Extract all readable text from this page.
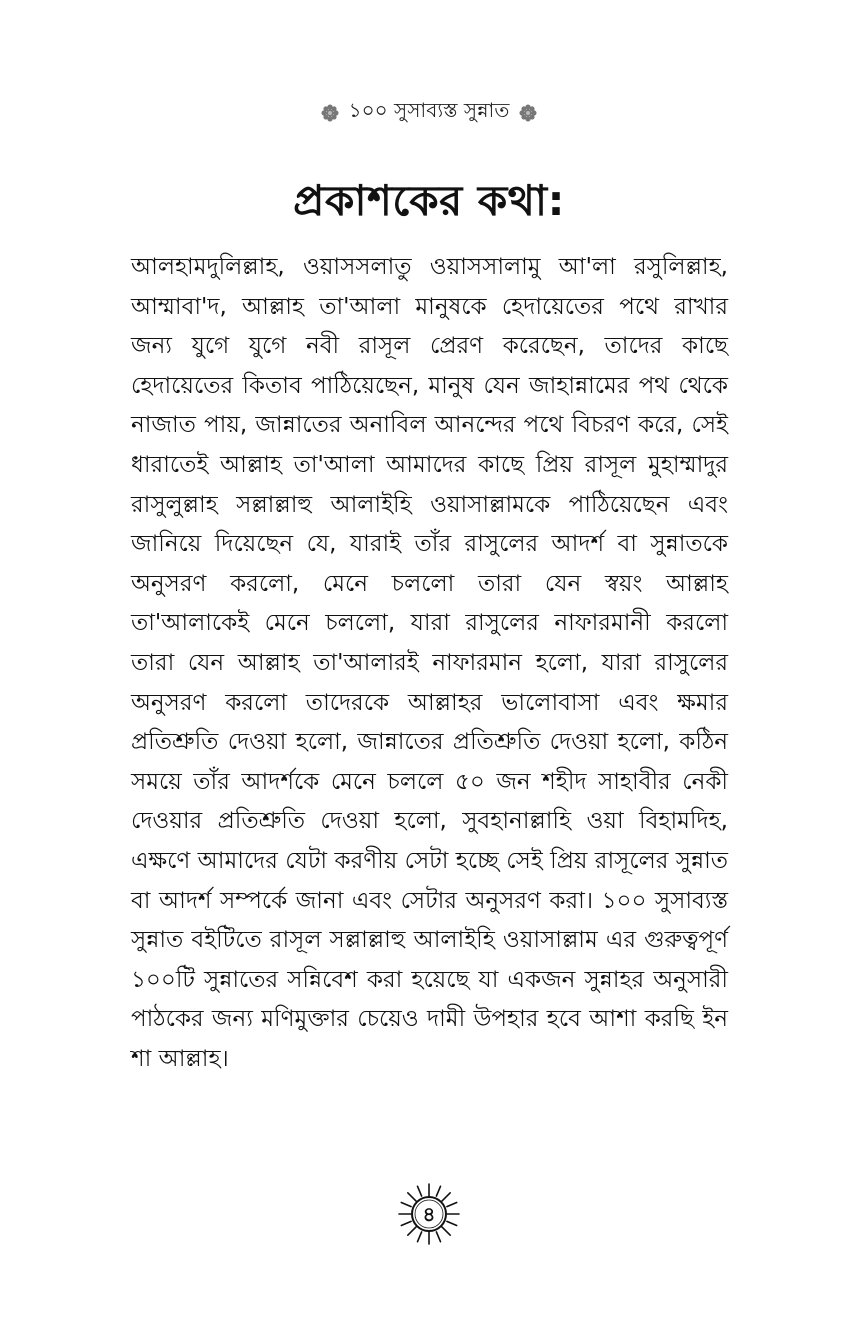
১০০ সুসাব্যস্ত সুন্নাত
প্রকাশকের কথা:

আলহামদুলিল্লাহ, ওয়াসসলাতু ওয়াসসালামু আ'লা রসুলিল্লাহ, আম্মাবা'দ, আল্লাহ তা'আলা মানুষকে হেদায়েতের পথে রাখার জন্য যুগে যুগে নবী রাসূল প্রেরণ করেছেন, তাদের কাছে হেদায়েতের কিতাব পাঠিয়েছেন, মানুষ যেন জাহান্নামের পথ থেকে নাজাত পায়, জান্নাতের অনাবিল আনন্দের পথে বিচরণ করে, সেই ধারাতেই আল্লাহ তা'আলা আমাদের কাছে প্রিয় রাসূল মুহাম্মাদুর রাসুলুল্লাহ সল্লাল্লাহু আলাইহি ওয়াসাল্লামকে পাঠিয়েছেন এবং জানিয়ে দিয়েছেন যে, যারাই তাঁর রাসুলের আদর্শ বা সুন্নাতকে অনুসরণ করলো, মেনে চললো তারা যেন স্বয়ং আল্লাহ তা'আলাকেই মেনে চললো, যারা রাসুলের নাফারমানী করলো তারা যেন আল্লাহ তা'আলারই নাফারমান হলো, যারা রাসুলের অনুসরণ করলো তাদেরকে আল্লাহর ভালোবাসা এবং ক্ষমার প্রতিশ্রুতি দেওয়া হলো, জান্নাতের প্রতিশ্রুতি দেওয়া হলো, কঠিন সময়ে তাঁর আদর্শকে মেনে চললে ৫০ জন শহীদ সাহাবীর নেকী দেওয়ার প্রতিশ্রুতি দেওয়া হলো, সুবহানাল্লাহি ওয়া বিহামদিহ, এক্ষণে আমাদের যেটা করণীয় সেটা হচ্ছে সেই প্রিয় রাসূলের সুন্নাত বা আদর্শ সম্পর্কে জানা এবং সেটার অনুসরণ করা। ১০০ সুসাব্যস্ত সুন্নাত বইটিতে রাসূল সল্লাল্লাহু আলাইহি ওয়াসাল্লাম এর গুরুত্বপূর্ণ ১০০টি সুন্নাতের সন্নিবেশ করা হয়েছে যা একজন সুন্নাহর অনুসারী পাঠকের জন্য মণিমুক্তার চেয়েও দামী উপহার হবে আশা করছি ইন শা আল্লাহ।

৪
